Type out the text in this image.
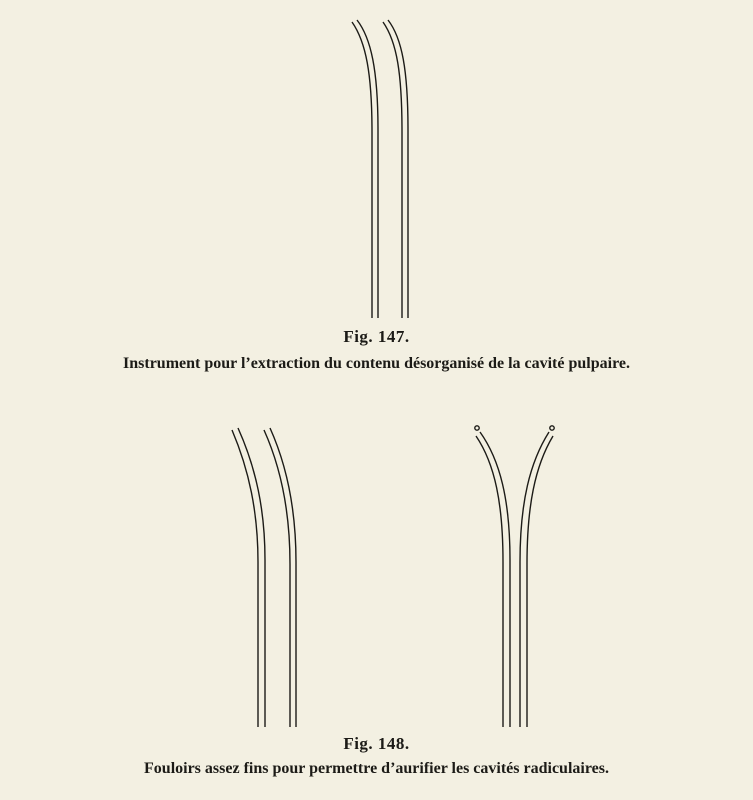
Fig. 147.
Instrument pour l’extraction du contenu désorganisé de la cavité pulpaire.
Fig. 148.
Fouloirs assez fins pour permettre d’aurifier les cavités radiculaires.
